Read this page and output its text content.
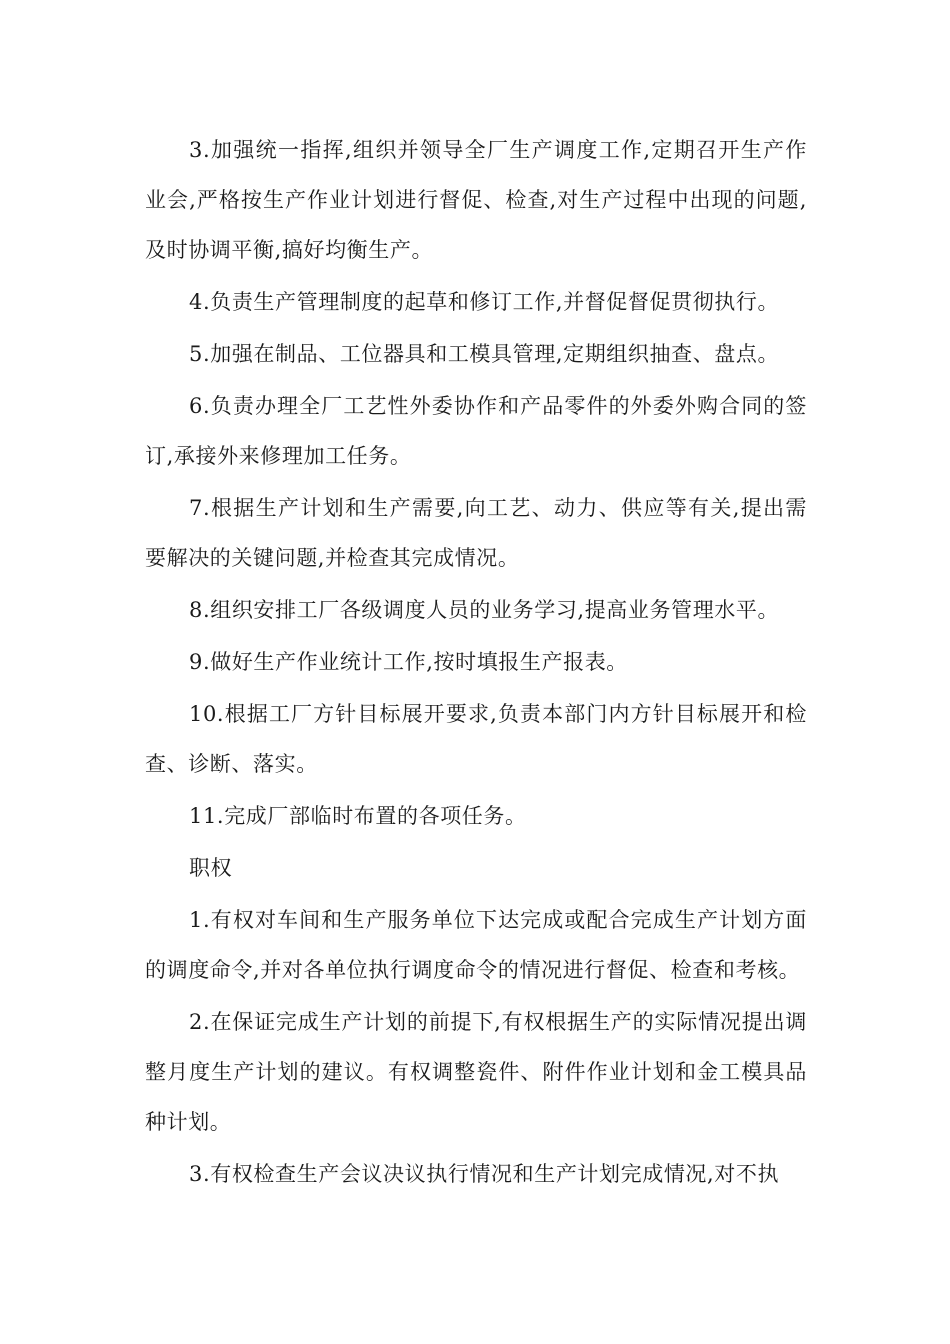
3.加强统一指挥,组织并领导全厂生产调度工作,定期召开生产作业会,严格按生产作业计划进行督促、检查,对生产过程中出现的问题,及时协调平衡,搞好均衡生产。

4.负责生产管理制度的起草和修订工作,并督促督促贯彻执行。

5.加强在制品、工位器具和工模具管理,定期组织抽查、盘点。

6.负责办理全厂工艺性外委协作和产品零件的外委外购合同的签订,承接外来修理加工任务。

7.根据生产计划和生产需要,向工艺、动力、供应等有关,提出需要解决的关键问题,并检查其完成情况。

8.组织安排工厂各级调度人员的业务学习,提高业务管理水平。

9.做好生产作业统计工作,按时填报生产报表。

10.根据工厂方针目标展开要求,负责本部门内方针目标展开和检查、诊断、落实。

11.完成厂部临时布置的各项任务。

职权

1.有权对车间和生产服务单位下达完成或配合完成生产计划方面的调度命令,并对各单位执行调度命令的情况进行督促、检查和考核。

2.在保证完成生产计划的前提下,有权根据生产的实际情况提出调整月度生产计划的建议。有权调整瓷件、附件作业计划和金工模具品种计划。

3.有权检查生产会议决议执行情况和生产计划完成情况,对不执
